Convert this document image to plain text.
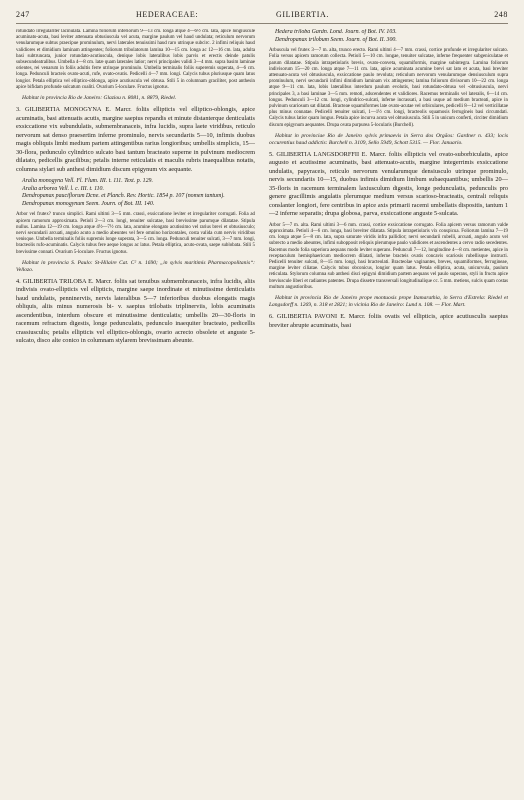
247	HEDERACEAE:	GILIBERTIA.	248

rotundato irregulariter lacinulata. Lamina foliorum inferiorum 9—13 cm. longa atque 4—6½ cm. lata, apice longiuscule acuminato-acuta, basi leviter attenuata obtusiuscula vel acuta, margine paulum vel haud undulata; reticulum nervorum venularumque subtus praecipue prominulum, nervi laterales tenuissimi haud raro utrinque subcirc. 2 infimi reliquis haud validiores et dimidium laminam attingentes; foliorum tribolatorum lamina 10—15 cm. longa ac 12—16 cm. lata, adulta basi subtruncata, junior rotundato-acutiuscula, denique lobis lateralibus lobis parvis et erectis deinde patulis subsecundeatralibus. Umbella 4—8 cm. latæ quam laterales latior; nervi principales validi 3—4 mm. supra basim laminae orientes, rei venarum in foliis adultis ferre utrinque prominulo. Umbella terminalis foliis superemis superata, 4—6 cm. longa. Pedunculi bracteis ovato-acuti, rufe, ovato-ovatis. Pedicelli 4—7 mm. longi. Calycis tubus pluriusque quam latus longior. Petala elliptica vel elliptico-oblonga, apice acutiuscula vel obtusa. Stili 5 in columnam graciliter, post anthesin apice bifidam profunde sulcatum coaliti. Ovarium 5-loculare. Fructus ignotus.

Habitat in provincia Rio de Janeiro: Glaziou n. 8081, n. 8879, Riedel.

3. GILIBERTIA MONOGYNA E. Marcr. foliis ellipticis vel elliptico-oblongis, apice acuminatis, basi attenuatis acutis, margine saepius repandis et minute distanterque denticulatis exsiccatione vix subundulatis, submembranaceis, infra lucidis, supra laete viridibus, reticulo nervorum sat denso praesertim inferne prominulo, nervis secundariis 5—10, infimis duobus magis obliquis limbi medium partem attingentibus rarius longioribus; umbellis simplicis, 15—30-flora, pedunculo cylindrico sulcato basi tantum bracteato superne in pulvinum mediocrem dilatato, pedicellis gracilibus; petalis interne reticulatis et maculis rubris inaequalibus notatis, columna stylari sub anthesi dimidium discum epigynum vix aequante.

Aralia monogyna Vell. Fl. Flum. III. t. 111. Text. p. 129.
Aralia arborea Vell. l. c. III. t. 110.
Dendropanax pauciflorum Dcne. et Planch. Rev. Hortic. 1854 p. 107 (nomen tantum).
Dendropanax monogynum Seem. Journ. of Bot. III. 140.

Arbor vel frutex? trunco simplici. Rami ultimi 3—5 mm. crassi, exsiccatione leviter et irregulariter corrugati. Folia ad apicem ramorum approximata. Petioli 2—3 cm. longi, tenuiter sulcatae, basi brevissime parumque dilatatae. Stipula nullus. Lamina 12—19 cm. longa atque 4½—7½ cm. lata, acumine elongato acutissimo vel rarius brevi et obtusiusculo; nervi secundarii arcuati, angulo acuto a medio abeuntes vel fere omnino horizontales, costa valida cum nervis viridibus venisque. Umbella terminalis foliis supremis longe superata, 3—5 cm. longa. Pedunculi tenuiter sulcati, 3—7 mm. longi, bracteolis rufo-acuminatis. Calycis tubus fere aeque longus ac latus. Petala elliptica, acuto-ovata, saepe sublobata. Stili 5 brevissime connati. Ovarium 5-loculare. Fructus ignotus.

Habitat in provincia S. Paulo: St-Hilaire Cat. C² n. 1690; „in sylvis maritimis Pharmacopolitanis“: Vellozo.

4. GILIBERTIA TRILOBA E. Marcr. foliis sat tenuibus submembranaceis, infra lucidis, aliis indivisis ovato-ellipticis vel ellipticis, margine saepe inordinate et minutissime denticulatis haud undulatis, penninerviis, nervis lateralibus 5—7 inferioribus duobus elongatis magis obliquis, aliis minus numerosis bi- v. saepius trilobatis triplinerviis, lobis acuminatis ascendentibus, interdum obscure et minutissime denticulatis; umbellis 20—30-floris in racemum refractum digestis, longe pedunculatis, pedunculo inaequiter bracteato, pedicellis crassiusculis; petalis ellipticis vel elliptico-oblongis, ovario acrecto obsolete et anguste 5-sulcato, disco alte conico in columnam stylarem brevissimam abeunte.

Hedera triloba Gardn. Lond. Journ. of Bot. IV. 103.
Dendropanax trilobum Seem. Journ. of Bot. II. 300.

Arbuscula vel frutex 3—7 m. alta, trunco erecto. Rami ultimi 4—7 mm. crassi, cortice profunde et irregulariter sulcato. Folia versus apicem ramorum collecta. Petioli 5—10 cm. longae, tenuiter sulcatae, inferne frequenter subgeniculatae et parum dilatatae. Stipula intrapetiolaris brevis, ovato-conveta, squamiformis, margine subintegra. Lamina foliorum indivisorum 15—20 cm. longa atque 7—11 cm. lata, apice acuminata acumine brevi sat lato et acuta, basi breviter attenuato-acuta vel obtusiuscula, exsiccatione paulo revoluta; reticulum nervorum venularumque densiusculum supra prominulum, nervi secundarii infimi dimidium laminam vix attingentes; lamina foliorum divisorum 10—22 cm. longa atque 9—11 cm. lata, lobis lateralibus interdum paulum evolutis, basi rotundato-obtusa vel -obtusiuscula, nervi principales 3, a basi laminae 3—5 mm. remoti, adscendentes et validiores. Racemus terminalis vel lateralis, 6—14 cm. longus. Pedunculi 3—12 cm. longi, cylindrico-sulcati, inferne incrassati, a basi usque ad medium bracteati, apice in pulvinum scariosum sat dilatati. Bracteae squamiformes late ovato-acutae vel orbiculares, pedicelli 8—12 vel verticillatae plus minus connatae. Pedicelli tenuiter sulcati, 1—1½ cm. longi, bracteolis squamosis ferrugineis basi circumdati. Calycis tubus latior quam longus. Petala apice incurva acuta vel obtusiuscula. Stili 5 in unicum conferti, circiter dimidium discum epigynum aequantes. Drupa ovata purpurea 5-locularis (Burchell).

Habitat in provinciae Rio de Janeiro sylvis primaevis in Serra dos Orgãos: Gardner n. 433; locis occurentius haud addictis: Burchell n. 3109, Sello 5949, Schott 5315. — Flor. Januario.

5. GILIBERTIA LANGSDORFFII E. Marcr. foliis ellipticis vel ovato-suborbiculatis, apice augusto et acutissime acuminatis, basi attenuato-acutis, margine integerrimis exsiccatione undulatis, papyraceis, reticulo nervorum venularumque densiusculo utrinque prominulo, nervis secundariis 10—15, duobus infimis dimidium limbum subaequantibus; umbellis 20—35-floris in racemum terminalem laxiusculum digestis, longe pedunculatis, pedunculis pro genere gracillimis angulatis plerumque medium versus scarioso-bracteatis, centrali reliquis conslanter longiori, fere centribus in apice axis primarii racemi umbellatis dispositis, tantum 1—2 inferne separatis; drupa globosa, parva, exsiccatione anguste 5-sulcata.

Arbor 5—7 m. alta. Rami ultimi 3—6 mm. crassi, cortice exsiccatione corrugato. Folia apicem versus ramorum valde approximata. Petioli 4—6 cm. longa, basi breviter dilatata. Stipula intrapetiolaris vix conspicua. Foliorum lamina 7—19 cm. longa atque 5—8 cm. lata, supra saturate viridis infra pallidior; nervi secundarii rubelli, arcuati, angulo acuto vel subrecto a medio abeuntes, infimi subopposit reliquis plerumque paulo validiores et ascendentes a cervo radio secedentes. Racemus modo folia superiora aequans modo leviter superans. Pedunculi 7—12, longitudine 4—8 cm. metientes, apice in receptaculum hemisphaericum mediocrem dilatati, inferne bracteis ovatis concavis scariosis rubellisque instructi. Pedicelli tenuiter sulcati, 8—15 mm. longi, basi bracteolati. Bracteolae vaginantes, breves, squamiformes, ferrugineae, margine leviter ciliatae. Calycis tubus obconicus, longior quam latus. Petala elliptica, acuta, unicurvula, paulum reticulata. Stylorum columna sub anthesi disci epigyni dimidium partem aequans vel paulo superans, styli in fructu apice breviuscule liberi et radiantes patentes. Drupa dissetre transversali longitudinalique cc. 5 mm. metiens, sulcis quam costas multum angustioribus.

Habitat in provincia Rio de Janeiro prope montuosis prope Itamarathia, in Serra d'Estrela: Riedel et Langsdorff n. 1269, n. 318 et 2821; in vicinia Rio de Janeiro: Lund n. 108. — Flor. Mart.

6. GILIBERTIA PAVONI E. Marcr. foliis ovatis vel ellipticis, apice acutiusculis saepius breviter abrupte acuminatis, basi
